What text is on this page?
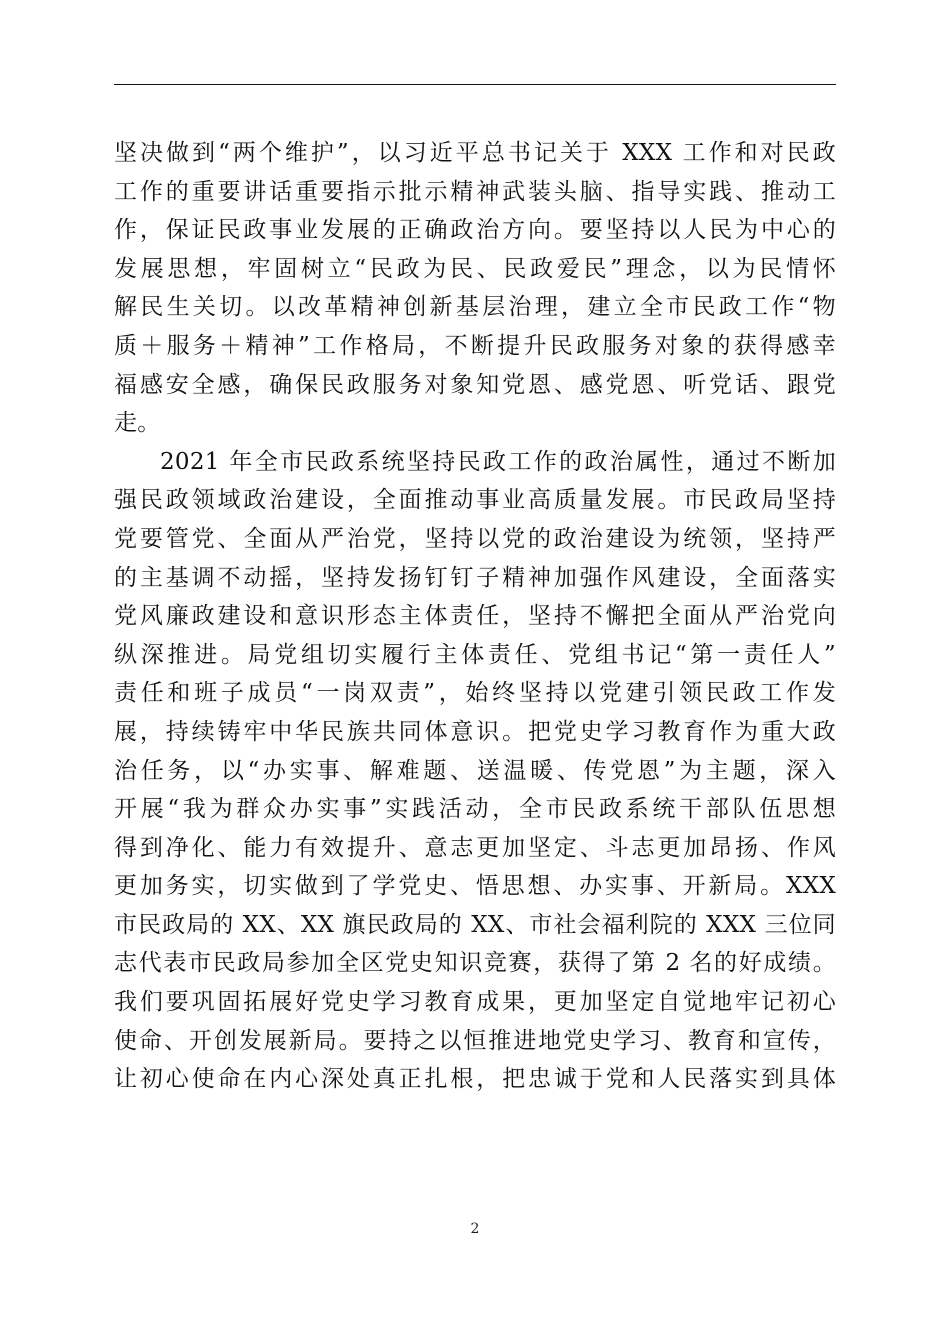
坚决做到“两个维护”，以习近平总书记关于 XXX 工作和对民政
工作的重要讲话重要指示批示精神武装头脑、指导实践、推动工
作，保证民政事业发展的正确政治方向。要坚持以人民为中心的
发展思想，牢固树立“民政为民、民政爱民”理念，以为民情怀
解民生关切。以改革精神创新基层治理，建立全市民政工作“物
质＋服务＋精神”工作格局，不断提升民政服务对象的获得感幸
福感安全感，确保民政服务对象知党恩、感党恩、听党话、跟党
走。
2021 年全市民政系统坚持民政工作的政治属性，通过不断加
强民政领域政治建设，全面推动事业高质量发展。市民政局坚持
党要管党、全面从严治党，坚持以党的政治建设为统领，坚持严
的主基调不动摇，坚持发扬钉钉子精神加强作风建设，全面落实
党风廉政建设和意识形态主体责任，坚持不懈把全面从严治党向
纵深推进。局党组切实履行主体责任、党组书记“第一责任人”
责任和班子成员“一岗双责”，始终坚持以党建引领民政工作发
展，持续铸牢中华民族共同体意识。把党史学习教育作为重大政
治任务，以“办实事、解难题、送温暖、传党恩”为主题，深入
开展“我为群众办实事”实践活动，全市民政系统干部队伍思想
得到净化、能力有效提升、意志更加坚定、斗志更加昂扬、作风
更加务实，切实做到了学党史、悟思想、办实事、开新局。XXX
市民政局的 XX、XX 旗民政局的 XX、市社会福利院的 XXX 三位同
志代表市民政局参加全区党史知识竞赛，获得了第 2 名的好成绩。
我们要巩固拓展好党史学习教育成果，更加坚定自觉地牢记初心
使命、开创发展新局。要持之以恒推进地党史学习、教育和宣传，
让初心使命在内心深处真正扎根，把忠诚于党和人民落实到具体
2
